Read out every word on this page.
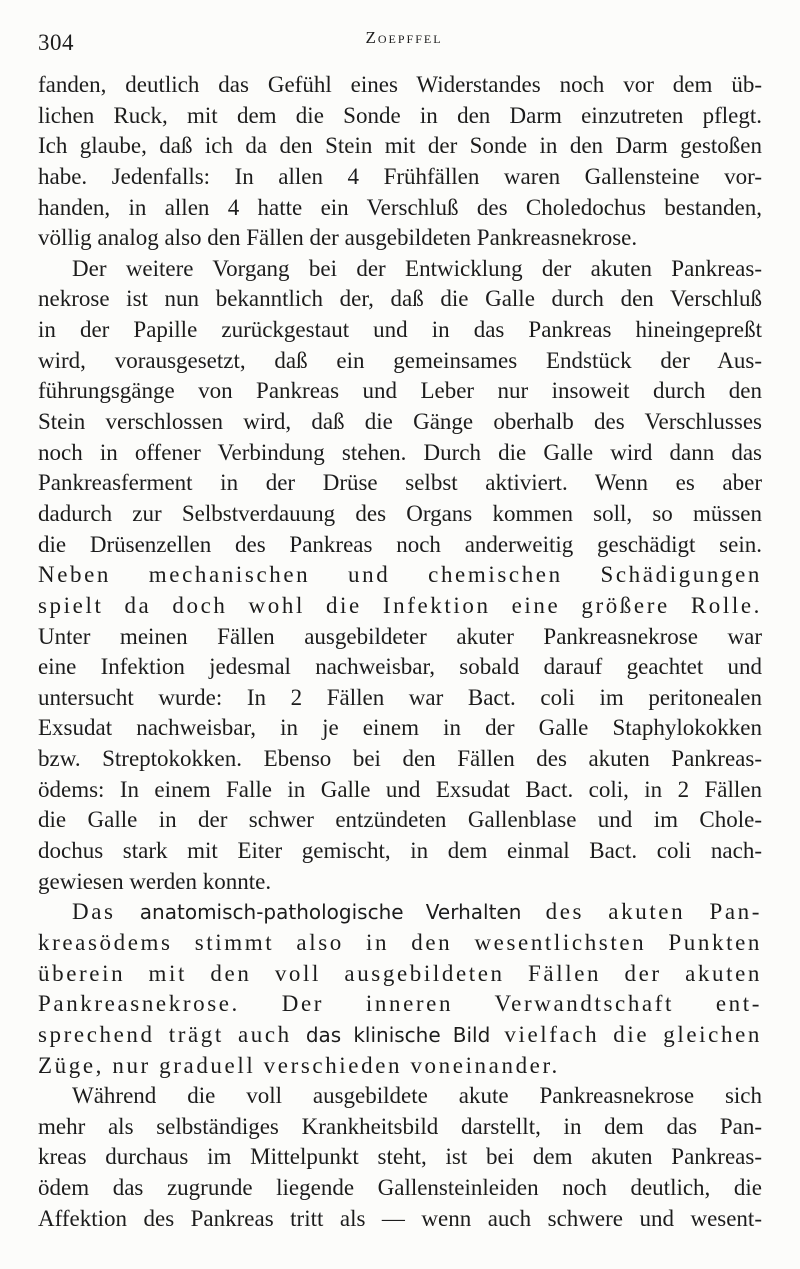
304	Zoepffel
fanden, deutlich das Gefühl eines Widerstandes noch vor dem üb-
lichen Ruck, mit dem die Sonde in den Darm einzutreten pflegt.
Ich glaube, daß ich da den Stein mit der Sonde in den Darm gestoßen
habe. Jedenfalls: In allen 4 Frühfällen waren Gallensteine vor-
handen, in allen 4 hatte ein Verschluß des Choledochus bestanden,
völlig analog also den Fällen der ausgebildeten Pankreasnekrose.
Der weitere Vorgang bei der Entwicklung der akuten Pankreas-
nekrose ist nun bekanntlich der, daß die Galle durch den Verschluß
in der Papille zurückgestaut und in das Pankreas hineingepreßt
wird, vorausgesetzt, daß ein gemeinsames Endstück der Aus-
führungsgänge von Pankreas und Leber nur insoweit durch den
Stein verschlossen wird, daß die Gänge oberhalb des Verschlusses
noch in offener Verbindung stehen. Durch die Galle wird dann das
Pankreasferment in der Drüse selbst aktiviert. Wenn es aber
dadurch zur Selbstverdauung des Organs kommen soll, so müssen
die Drüsenzellen des Pankreas noch anderweitig geschädigt sein.
Neben mechanischen und chemischen Schädigungen
spielt da doch wohl die Infektion eine größere Rolle.
Unter meinen Fällen ausgebildeter akuter Pankreasnekrose war
eine Infektion jedesmal nachweisbar, sobald darauf geachtet und
untersucht wurde: In 2 Fällen war Bact. coli im peritonealen
Exsudat nachweisbar, in je einem in der Galle Staphylokokken
bzw. Streptokokken. Ebenso bei den Fällen des akuten Pankreas-
ödems: In einem Falle in Galle und Exsudat Bact. coli, in 2 Fällen
die Galle in der schwer entzündeten Gallenblase und im Chole-
dochus stark mit Eiter gemischt, in dem einmal Bact. coli nach-
gewiesen werden konnte.
Das anatomisch-pathologische Verhalten des akuten Pan-
kreasödems stimmt also in den wesentlichsten Punkten
überein mit den voll ausgebildeten Fällen der akuten
Pankreasnekrose. Der inneren Verwandtschaft ent-
sprechend trägt auch das klinische Bild vielfach die gleichen
Züge, nur graduell verschieden voneinander.
Während die voll ausgebildete akute Pankreasnekrose sich
mehr als selbständiges Krankheitsbild darstellt, in dem das Pan-
kreas durchaus im Mittelpunkt steht, ist bei dem akuten Pankreas-
ödem das zugrunde liegende Gallensteinleiden noch deutlich, die
Affektion des Pankreas tritt als — wenn auch schwere und wesent-
